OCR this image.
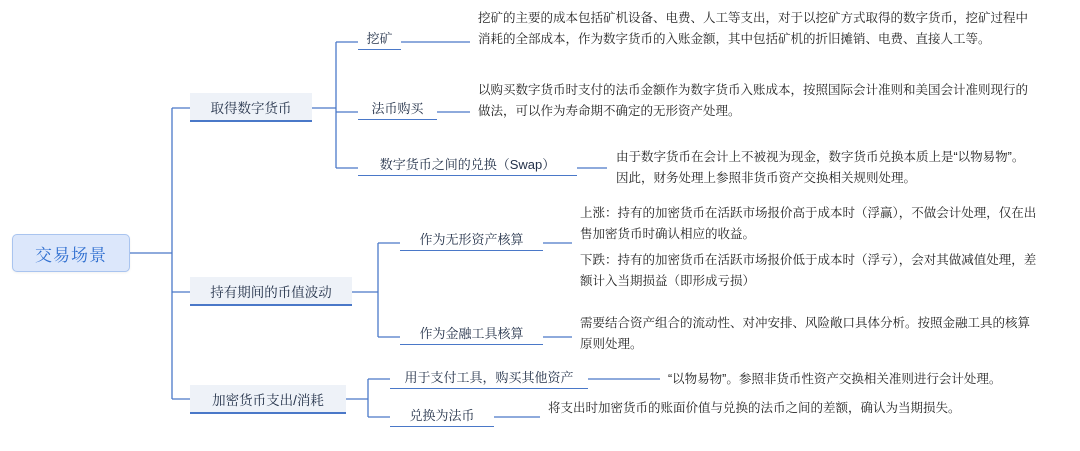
交易场景
取得数字货币
挖矿
挖矿的主要的成本包括矿机设备、电费、人工等支出，对于以挖矿方式取得的数字货币，挖矿过程中消耗的全部成本，作为数字货币的入账金额，其中包括矿机的折旧摊销、电费、直接人工等。
法币购买
以购买数字货币时支付的法币金额作为数字货币入账成本，按照国际会计准则和美国会计准则现行的做法，可以作为寿命期不确定的无形资产处理。
数字货币之间的兑换（Swap）	由于数字货币在会计上不被视为现金，数字货币兑换本质上是“以物易物”。因此，财务处理上参照非货币资产交换相关规则处理。
持有期间的币值波动
作为无形资产核算
上涨：持有的加密货币在活跃市场报价高于成本时（浮赢），不做会计处理，仅在出售加密货币时确认相应的收益。
下跌：持有的加密货币在活跃市场报价低于成本时（浮亏），会对其做减值处理，差额计入当期损益（即形成亏损）
作为金融工具核算
需要结合资产组合的流动性、对冲安排、风险敞口具体分析。按照金融工具的核算原则处理。
加密货币支出/消耗
用于支付工具，购买其他资产	“以物易物”。参照非货币性资产交换相关准则进行会计处理。
兑换为法币	将支出时加密货币的账面价值与兑换的法币之间的差额，确认为当期损失。
